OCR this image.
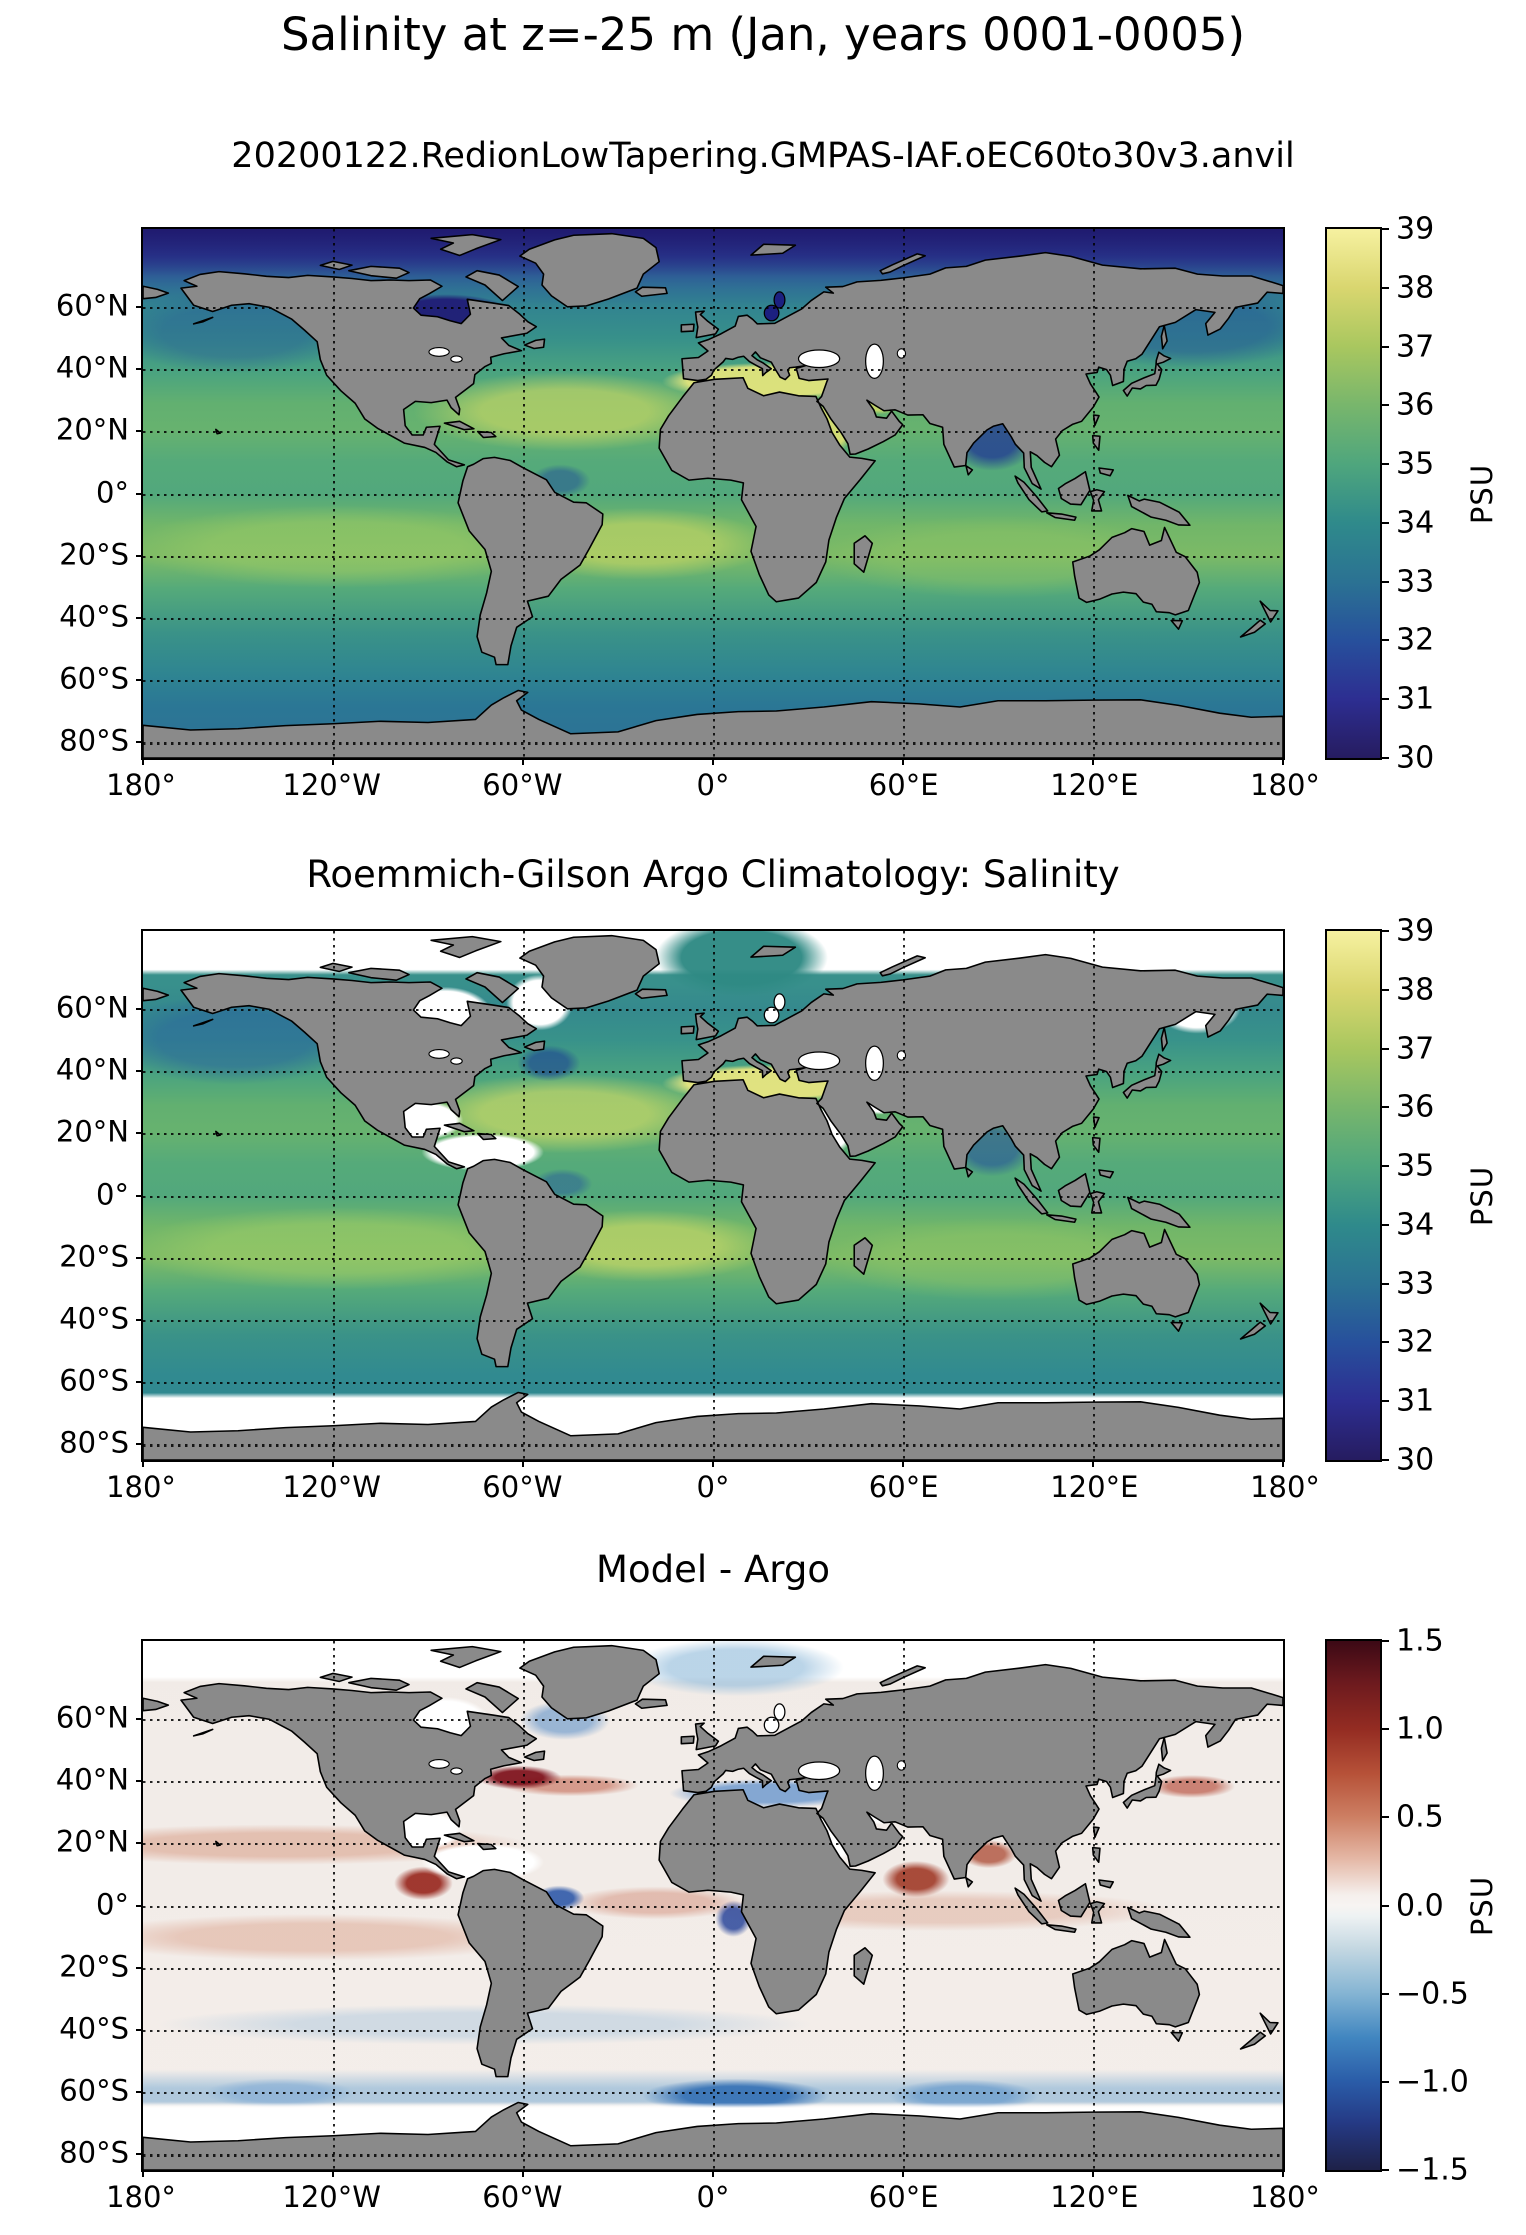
Salinity at z=-25 m (Jan, years 0001-0005)
20200122.RedionLowTapering.GMPAS-IAF.oEC60to30v3.anvil
Roemmich-Gilson Argo Climatology: Salinity
Model - Argo
60°N
40°N
20°N
0°
20°S
40°S
60°S
80°S
60°N
40°N
20°N
0°
20°S
40°S
60°S
80°S
60°N
40°N
20°N
0°
20°S
40°S
60°S
80°S
180°	120°W	60°W	0°	60°E	120°E	180°
180°	120°W	60°W	0°	60°E	120°E	180°
180°	120°W	60°W	0°	60°E	120°E	180°
39
38
37
36
35
34
33
32
31
30
39
38
37
36
35
34
33
32
31
30
1.5
1.0
0.5
0.0
−0.5
−1.0
−1.5
PSU
PSU
PSU
